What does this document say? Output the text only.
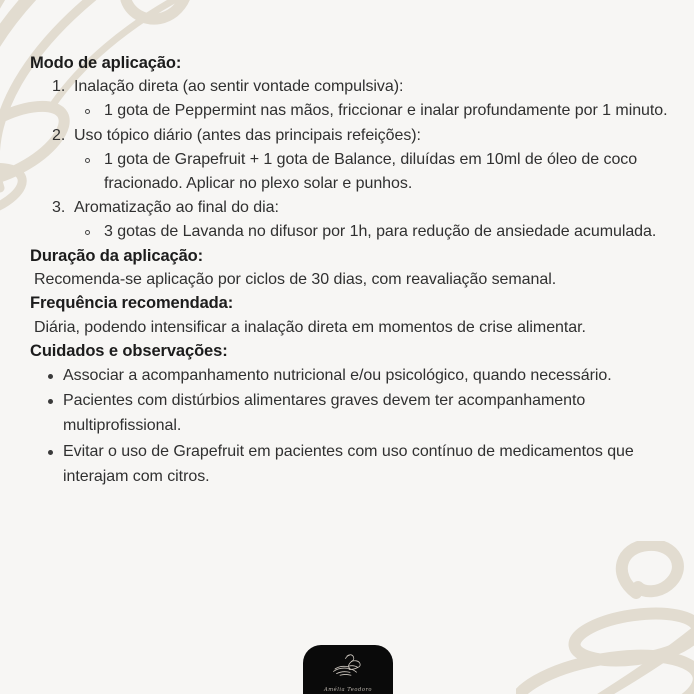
Modo de aplicação:
Inalação direta (ao sentir vontade compulsiva):
1 gota de Peppermint nas mãos, friccionar e inalar profundamente por 1 minuto.
Uso tópico diário (antes das principais refeições):
1 gota de Grapefruit + 1 gota de Balance, diluídas em 10ml de óleo de coco fracionado. Aplicar no plexo solar e punhos.
Aromatização ao final do dia:
3 gotas de Lavanda no difusor por 1h, para redução de ansiedade acumulada.
Duração da aplicação:
Recomenda-se aplicação por ciclos de 30 dias, com reavaliação semanal.
Frequência recomendada:
Diária, podendo intensificar a inalação direta em momentos de crise alimentar.
Cuidados e observações:
Associar a acompanhamento nutricional e/ou psicológico, quando necessário.
Pacientes com distúrbios alimentares graves devem ter acompanhamento multiprofissional.
Evitar o uso de Grapefruit em pacientes com uso contínuo de medicamentos que interajam com citros.
Amélia Teodoro
